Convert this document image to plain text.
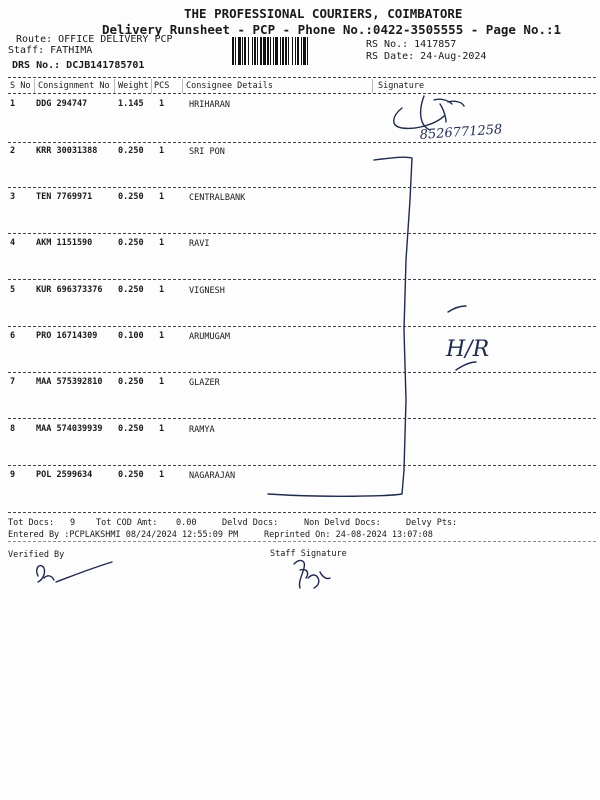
THE PROFESSIONAL COURIERS, COIMBATORE
Delivery Runsheet - PCP - Phone No.:0422-3505555 - Page No.:1
Route: OFFICE DELIVERY PCP
Staff: FATHIMA
DRS No.: DCJB141785701
RS No.: 1417857
RS Date: 24-Aug-2024
S No Consignment No Weight PCS Consignee Details	Signature
1 DDG 294747	1.145 1	HRIHARAN
2 KRR 30031388 0.250 1	SRI PON
3 TEN 7769971	0.250 1	CENTRALBANK
4 AKM 1151590	0.250 1	RAVI
5 KUR 696373376 0.250 1	VIGNESH
6 PRO 16714309 0.100 1	ARUMUGAM
7 MAA 575392810 0.250 1	GLAZER
8 MAA 574039939 0.250 1	RAMYA
9 POL 2599634	0.250 1	NAGARAJAN
Tot Docs: 9 Tot COD Amt: 0.00	Delvd Docs:	Non Delvd Docs:	Delvy Pts:
Entered By :PCPLAKSHMI 08/24/2024 12:55:09 PM	Reprinted On: 24-08-2024 13:07:08
Verified By	Staff Signature
8526771258
H/R
